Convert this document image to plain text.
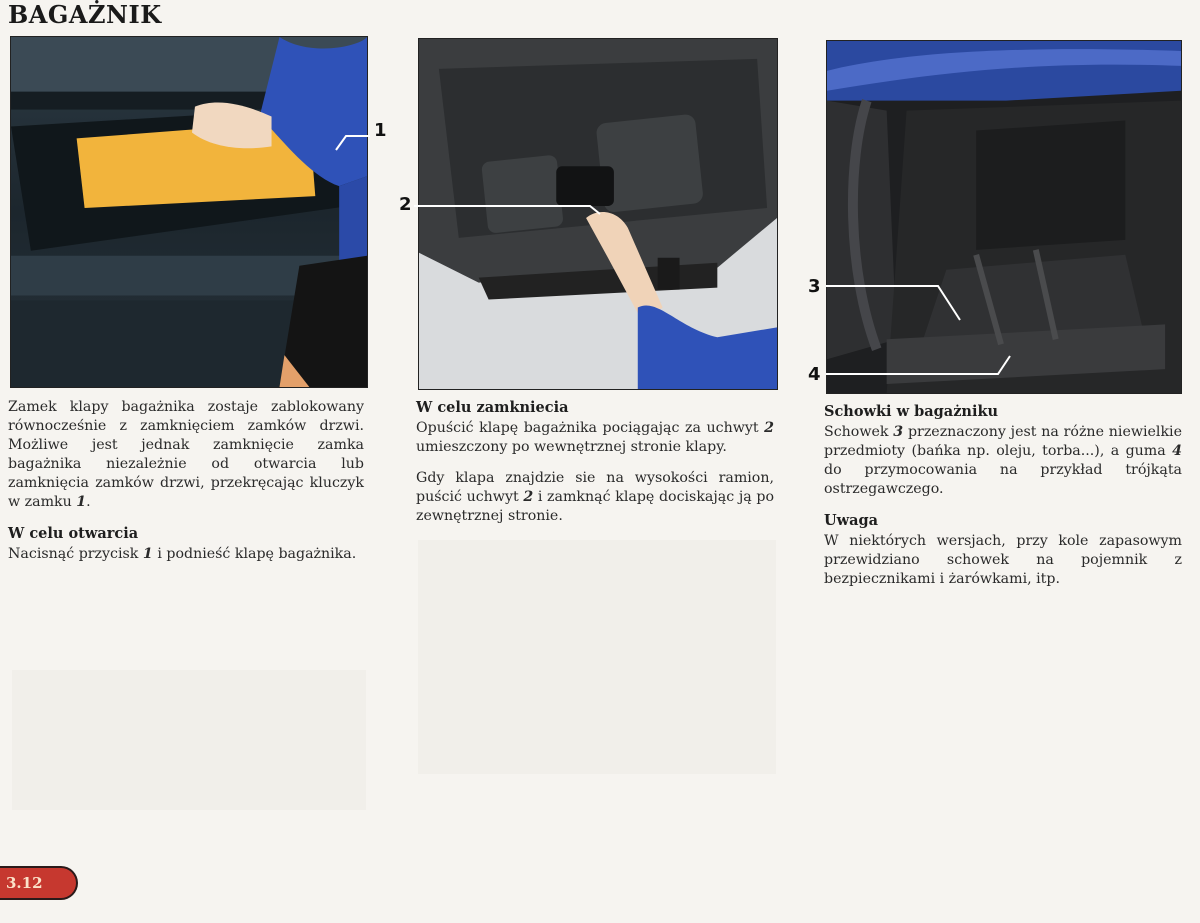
BAGAŻNIK
1
2
3
4

Zamek klapy bagażnika zostaje zablokowany równocześnie z zamknięciem zamków drzwi. Możliwe jest jednak zamknięcie zamka bagażnika niezależnie od otwarcia lub zamknięcia zamków drzwi, przekręcając kluczyk w zamku 1.

W celu otwarcia

Nacisnąć przycisk 1 i podnieść klapę bagażnika.

W celu zamkniecia

Opuścić klapę bagażnika pociągając za uchwyt 2 umieszczony po wewnętrznej stronie klapy.

Gdy klapa znajdzie sie na wysokości ramion, puścić uchwyt 2 i zamknąć klapę dociskając ją po zewnętrznej stronie.

Schowki w bagażniku

Schowek 3 przeznaczony jest na różne niewielkie przedmioty (bańka np. oleju, torba...), a guma 4 do przymocowania na przykład trójkąta ostrzegawczego.

Uwaga

W niektórych wersjach, przy kole zapasowym przewidziano schowek na pojemnik z bezpiecznikami i żarówkami, itp.

3.12
